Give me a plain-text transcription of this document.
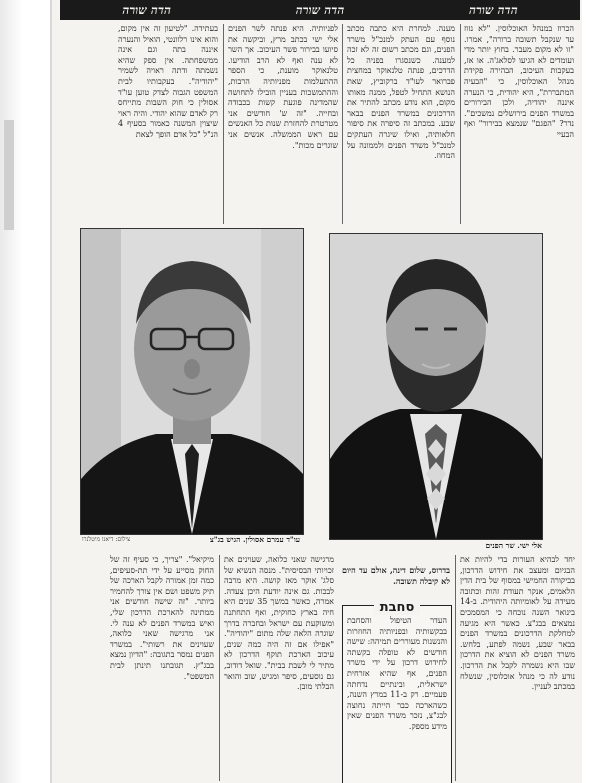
הדה שורה	הדה שורה	הדה שורה

הכרוז במנהל האוכלוסין. "לא נזוז עד שנקבל תשובה ברורה", אמרו. "זו לא מקום מעבר. בחוץ יותר מדי ועומדים לא הגיעו לסלאג'ה. או אז, בעקבות העיכוב, הבהירה פקידת מנהל האוכלוסין, כי "הבעיה המתבררת", היא יהודית, כי הנערה איננה יהודיה, ולכן הבירורים במשרד הפנים בירושלים נמשכים". נדר? "הפגם" שנמצא בבירור" ואף הבעיי

מענה. למחרת היא כתבה מכתב נוסף עם העתק למנכ"ל משרד הפנים, וגם מכתב רשום זה לא זכה למענה. כשנסגרו בפניה כל הדרכים, פנתה טלנאוקר במחצית פברואר לעו"ד ברקוביץ, שאת הנושא התחיל לטפל, ממנה מאותו מקום, הוא נודע מכתב להתיר את הדרכונים במשרד הפנים בבאר שבע. במכתב זה סיפרה את סיפור חלאותיה, ואילו שיגרה העתקים למנכ"ל משרד הפנים ולממונה על המחוז.

לפניותיה. היא פנתה לשר הפנים אלי ישי בכתב מרץ, וביקשה את סיועו בבירור פשר העיכוב. אך השר לא ענה ואף לא הרב הודיעו. טלנאוקר מוענת, כי הספר ההתעלמות מפניותיה הרבות, וההתמשכות בעניין הובילו לתחושה שהמדינה פוגעת קשות בכבודה ובחייה. "זה ש' חודשים אני מטרטרת להחזרת שנות כל האנשים עם ראש הממשלה. אנשים אני שוגרים מכות".

בעתידה. "לטיעון זה אין מקום, והוא אינו רלוונטי, הואיל והנערה איננה בתה וגם אינה ממשפחתה. אין ספק שהיא נשמתה ודתה ראויה לשמיר "יהודיה". בעקבותיו לבית המשפט הגבוה לצדק טוען עו"ד אסולין כי חוק השבות מתייחס רק לאדם שהוא יהודי. והיה ראוי שיצוין המשנה כאמור בסעיף 4 הנ"ל "כל אדם הופך לצאת

צילום: דיאנו מיטלנרו	עו"ד עמרם אסולין. הגיש בג"צ
אלי ישי. שר הפנים

יחד לבהיא העורות בדי להיות את הבגיום ומעצב את חידוש הדרכון, בביקורה החמישי במסוף של בית הדין הלאמים, אנקר תעודת זהות וכתובה מעידה על לאומיותה היהודית. ב-14 בינואר השנה נוכחה כי המסמכים נמצאים בבג"צ. כאשר היא מגיעה למחלקת הדרכונים במשרד הפנים בבאר שבע, נשמה לפתע, בלחש. משרד הפנים לא הוציא את הדרכון שבו היא נשמרה לקבל את הדרכון. נודע לה כי מנהל אוכלוסין, שנשלח במכתב לעניין.

בדרוס, שלום דינה, אולם עד היום לא קיבלה תשובה.

סחבת

העדר הטיפול והסחבת בבקשותיה ובפניותיה החוזרות והנשנות מעוררים תמיהה: שישה חודשים לא טופלה בקשתה לחידוש דרכון על ידי משרד הפנים, אף שהיא אזרחית ישראלית, ובינתיים נדחתה פעמיים. רק ב-11 במרץ השנה, כשהארכה כבר הייתה נחוצה לבג"צ, נזכר משרד הפנים שאין מידע מספק.

מרגישה שאני כלואה, שעוינים את זכויותי הבסיסית". מנסה הנשיא של סלג' אוקר מאז קושה. היא מרבה לבכות. גם אינה יודעת היכן צעדה. אמרה, כאשר במשך 35 שנים היא חיה בארץ כחוקית, ואף התחתנה ומשוקעת עם ישראל ובחברה בדרך שוגרה הלאה שלה מתום "יהודיה". "אפילו אם זה היה כמה שנים, עיכוב הארכת תוקף הדרכון לא מתיר לי לשבת בבית". שואל דודוב, גם נוסעים, סיפר ומגיש, שוב והואר הבלתי מובן.

מיקיאל". "צריך, כי סעיף זה של החוק מסייע על ידי תת-סעיפים, כמה זמן אמורה לקבל הארכה של תיק משפט ושם אין צורך להחמיר ביותר. "זה שישה חודשים אני ממתינה להארכת הדרכון שלי, ואיש במשרד הפנים לא ענה לי. אני מרגישה שאני כלואה, שעוינים את רשותי". במשרד הפנים נמסר בתגובה: "הדיון נמצא בבג"ץ. תגובתנו תינתן לבית המשפט".
